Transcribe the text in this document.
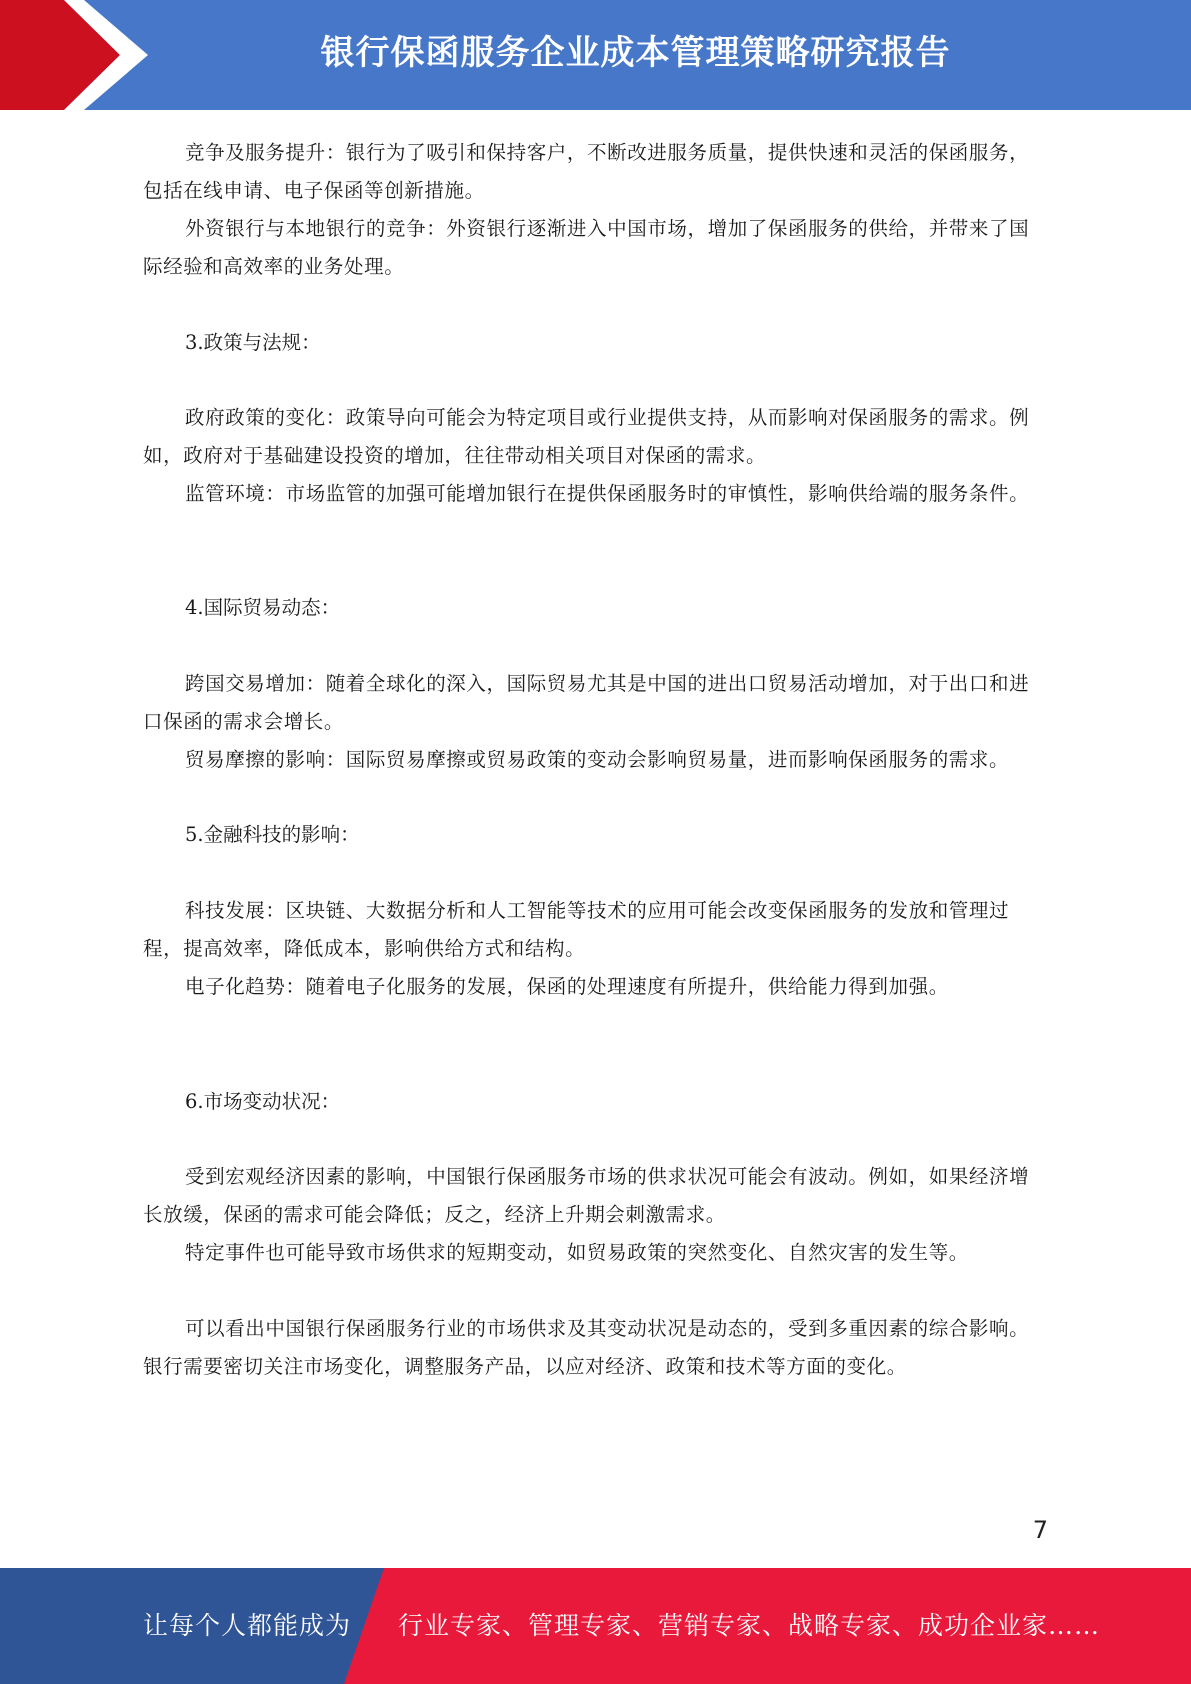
银行保函服务企业成本管理策略研究报告

竞争及服务提升：银行为了吸引和保持客户，不断改进服务质量，提供快速和灵活的保函服务，包括在线申请、电子保函等创新措施。

外资银行与本地银行的竞争：外资银行逐渐进入中国市场，增加了保函服务的供给，并带来了国际经验和高效率的业务处理。

3.政策与法规：

政府政策的变化：政策导向可能会为特定项目或行业提供支持，从而影响对保函服务的需求。例如，政府对于基础建设投资的增加，往往带动相关项目对保函的需求。

监管环境：市场监管的加强可能增加银行在提供保函服务时的审慎性，影响供给端的服务条件。

4.国际贸易动态：

跨国交易增加：随着全球化的深入，国际贸易尤其是中国的进出口贸易活动增加，对于出口和进口保函的需求会增长。

贸易摩擦的影响：国际贸易摩擦或贸易政策的变动会影响贸易量，进而影响保函服务的需求。

5.金融科技的影响：

科技发展：区块链、大数据分析和人工智能等技术的应用可能会改变保函服务的发放和管理过程，提高效率，降低成本，影响供给方式和结构。

电子化趋势：随着电子化服务的发展，保函的处理速度有所提升，供给能力得到加强。

6.市场变动状况：

受到宏观经济因素的影响，中国银行保函服务市场的供求状况可能会有波动。例如，如果经济增长放缓，保函的需求可能会降低；反之，经济上升期会刺激需求。

特定事件也可能导致市场供求的短期变动，如贸易政策的突然变化、自然灾害的发生等。

可以看出中国银行保函服务行业的市场供求及其变动状况是动态的，受到多重因素的综合影响。银行需要密切关注市场变化，调整服务产品，以应对经济、政策和技术等方面的变化。

7
让每个人都能成为 行业专家、管理专家、营销专家、战略专家、成功企业家……
